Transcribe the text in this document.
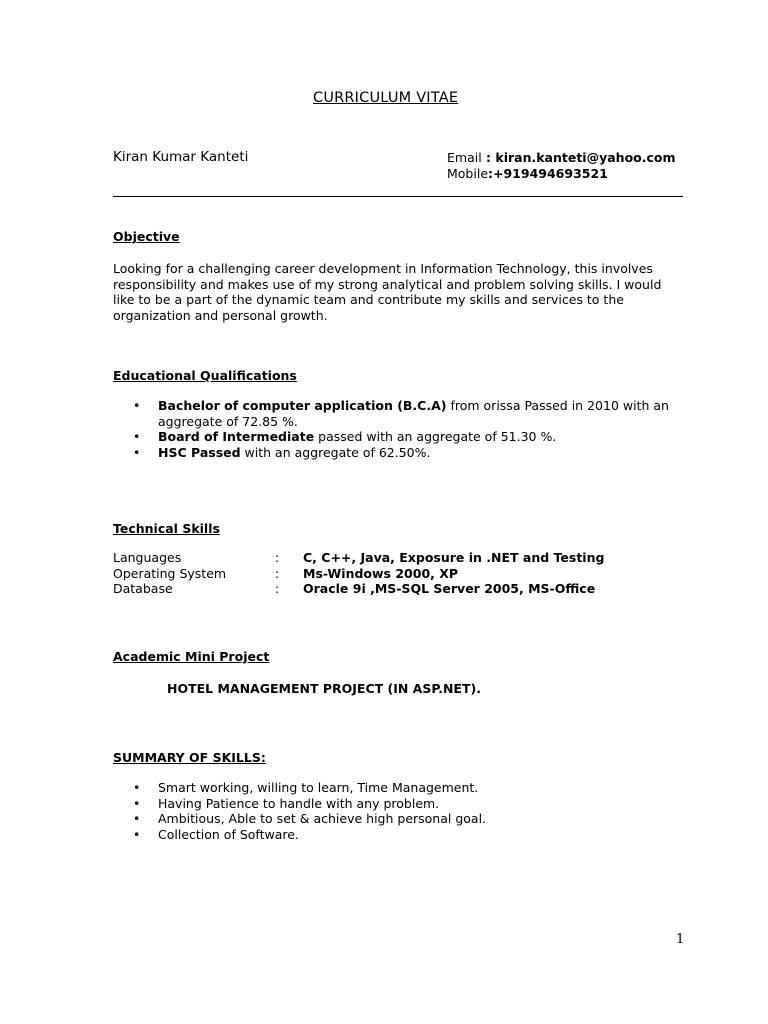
CURRICULUM VITAE
Kiran Kumar Kanteti	Email : kiran.kanteti@yahoo.com
Mobile:+919494693521
Objective

Looking for a challenging career development in Information Technology, this involves responsibility and makes use of my strong analytical and problem solving skills. I would like to be a part of the dynamic team and contribute my skills and services to the organization and personal growth.

Educational Qualifications
• Bachelor of computer application (B.C.A) from orissa Passed in 2010 with an aggregate of 72.85 %.
• Board of Intermediate passed with an aggregate of 51.30 %.
• HSC Passed with an aggregate of 62.50%.
Technical Skills
Languages	:	C, C++, Java, Exposure in .NET and Testing
Operating System	:	Ms-Windows 2000, XP
Database	:	Oracle 9i ,MS-SQL Server 2005, MS-Office
Academic Mini Project
HOTEL MANAGEMENT PROJECT (IN ASP.NET).
SUMMARY OF SKILLS:
• Smart working, willing to learn, Time Management.
• Having Patience to handle with any problem.
• Ambitious, Able to set & achieve high personal goal.
• Collection of Software.
1
